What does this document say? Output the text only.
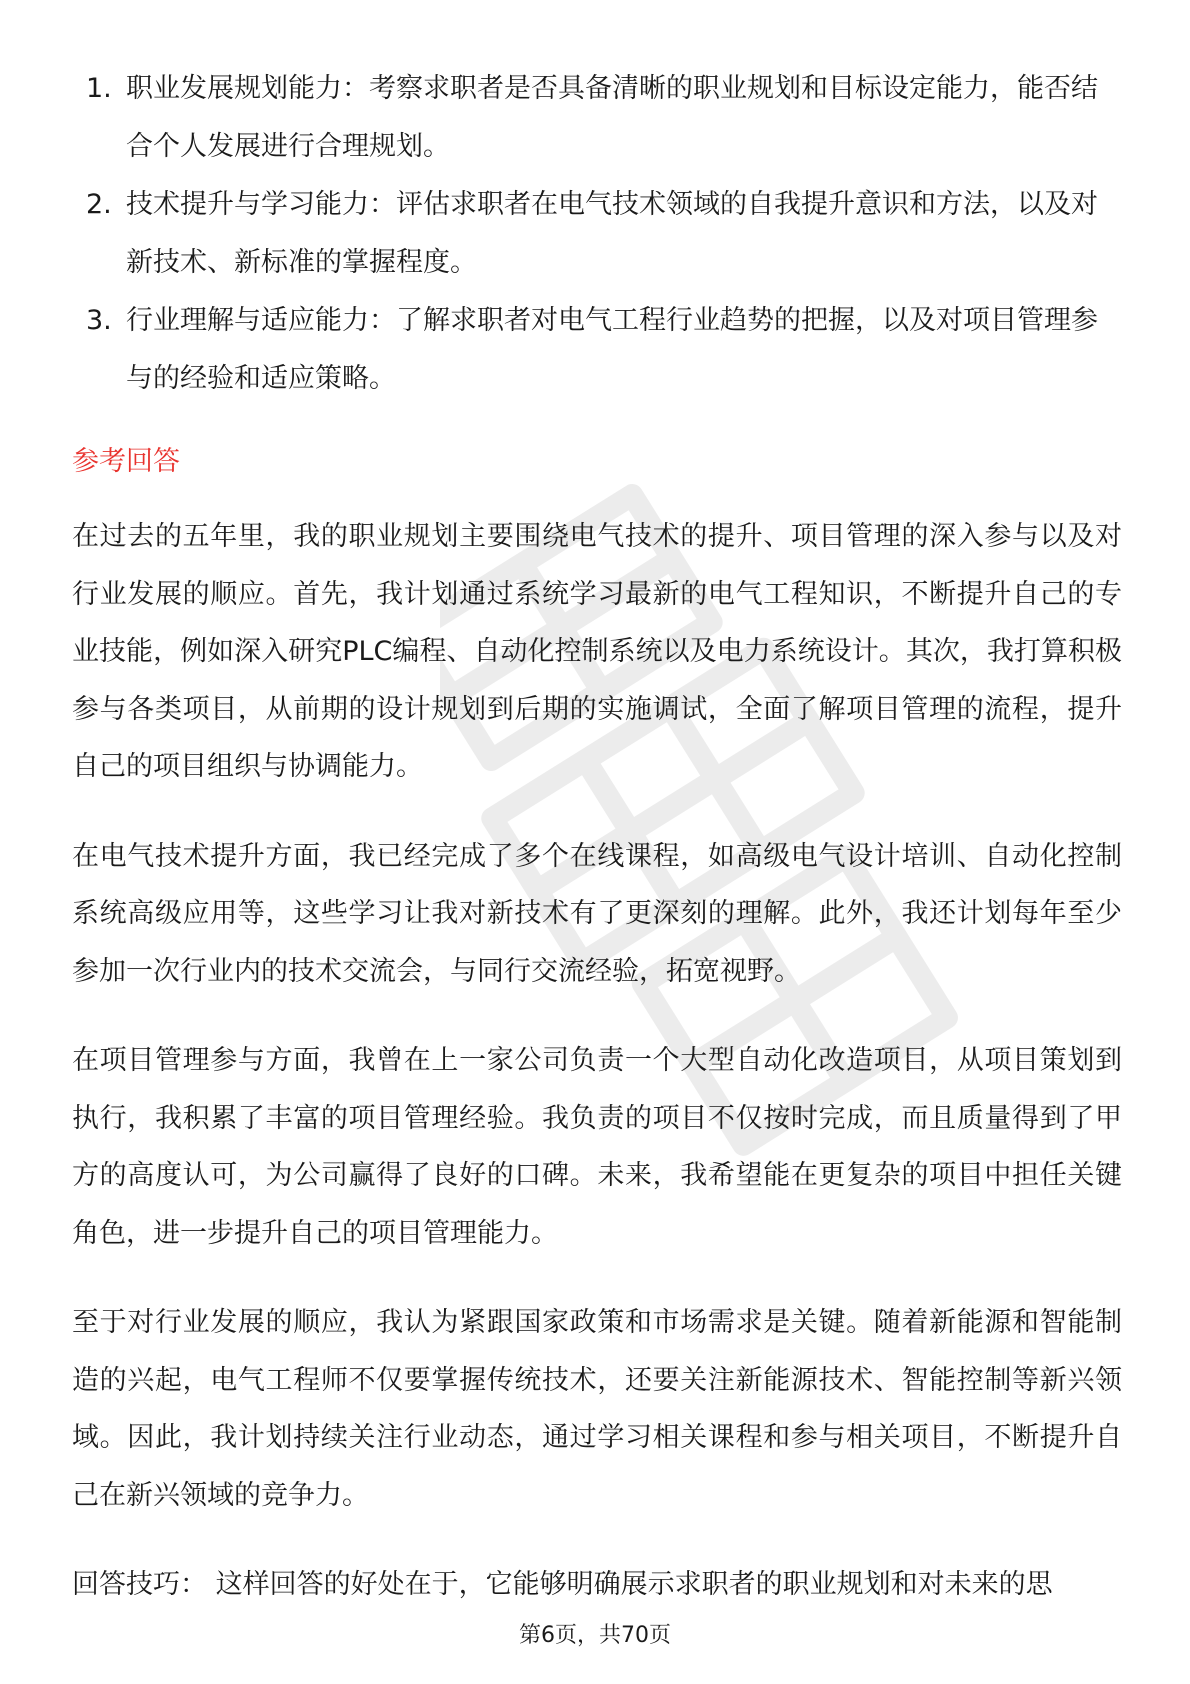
1. 职业发展规划能力：考察求职者是否具备清晰的职业规划和目标设定能力，能否结合个人发展进行合理规划。
2. 技术提升与学习能力：评估求职者在电气技术领域的自我提升意识和方法，以及对新技术、新标准的掌握程度。
3. 行业理解与适应能力：了解求职者对电气工程行业趋势的把握，以及对项目管理参与的经验和适应策略。
参考回答

在过去的五年里，我的职业规划主要围绕电气技术的提升、项目管理的深入参与以及对行业发展的顺应。首先，我计划通过系统学习最新的电气工程知识，不断提升自己的专业技能，例如深入研究PLC编程、自动化控制系统以及电力系统设计。其次，我打算积极参与各类项目，从前期的设计规划到后期的实施调试，全面了解项目管理的流程，提升自己的项目组织与协调能力。

在电气技术提升方面，我已经完成了多个在线课程，如高级电气设计培训、自动化控制系统高级应用等，这些学习让我对新技术有了更深刻的理解。此外，我还计划每年至少参加一次行业内的技术交流会，与同行交流经验，拓宽视野。

在项目管理参与方面，我曾在上一家公司负责一个大型自动化改造项目，从项目策划到执行，我积累了丰富的项目管理经验。我负责的项目不仅按时完成，而且质量得到了甲方的高度认可，为公司赢得了良好的口碑。未来，我希望能在更复杂的项目中担任关键角色，进一步提升自己的项目管理能力。

至于对行业发展的顺应，我认为紧跟国家政策和市场需求是关键。随着新能源和智能制造的兴起，电气工程师不仅要掌握传统技术，还要关注新能源技术、智能控制等新兴领域。因此，我计划持续关注行业动态，通过学习相关课程和参与相关项目，不断提升自己在新兴领域的竞争力。

回答技巧： 这样回答的好处在于，它能够明确展示求职者的职业规划和对未来的思
第6页，共70页
